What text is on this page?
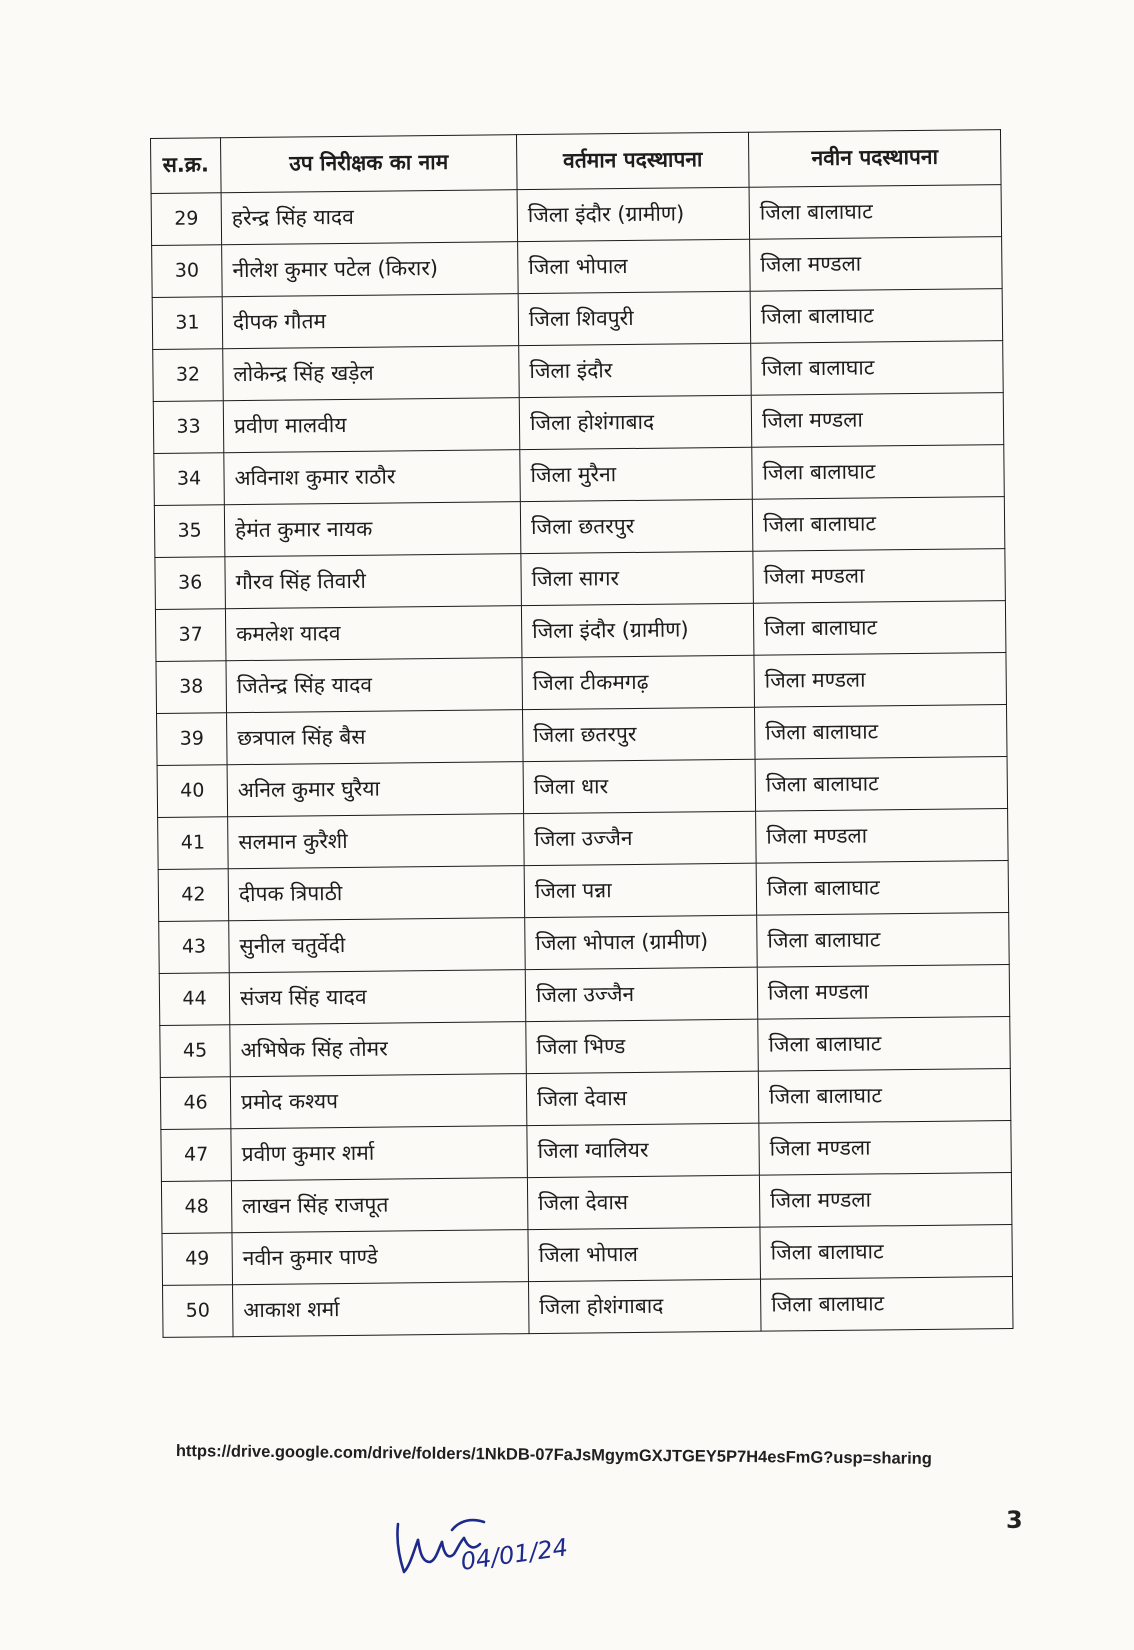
स.क्र.	उप निरीक्षक का नाम	वर्तमान पदस्थापना	नवीन पदस्थापना
29	हरेन्द्र सिंह यादव	जिला इंदौर (ग्रामीण)	जिला बालाघाट
30	नीलेश कुमार पटेल (किरार)	जिला भोपाल	जिला मण्डला
31	दीपक गौतम	जिला शिवपुरी	जिला बालाघाट
32	लोकेन्द्र सिंह खड़ेल	जिला इंदौर	जिला बालाघाट
33	प्रवीण मालवीय	जिला होशंगाबाद	जिला मण्डला
34	अविनाश कुमार राठौर	जिला मुरैना	जिला बालाघाट
35	हेमंत कुमार नायक	जिला छतरपुर	जिला बालाघाट
36	गौरव सिंह तिवारी	जिला सागर	जिला मण्डला
37	कमलेश यादव	जिला इंदौर (ग्रामीण)	जिला बालाघाट
38	जितेन्द्र सिंह यादव	जिला टीकमगढ़	जिला मण्डला
39	छत्रपाल सिंह बैस	जिला छतरपुर	जिला बालाघाट
40	अनिल कुमार घुरैया	जिला धार	जिला बालाघाट
41	सलमान कुरैशी	जिला उज्जैन	जिला मण्डला
42	दीपक त्रिपाठी	जिला पन्ना	जिला बालाघाट
43	सुनील चतुर्वेदी	जिला भोपाल (ग्रामीण)	जिला बालाघाट
44	संजय सिंह यादव	जिला उज्जैन	जिला मण्डला
45	अभिषेक सिंह तोमर	जिला भिण्ड	जिला बालाघाट
46	प्रमोद कश्यप	जिला देवास	जिला बालाघाट
47	प्रवीण कुमार शर्मा	जिला ग्वालियर	जिला मण्डला
48	लाखन सिंह राजपूत	जिला देवास	जिला मण्डला
49	नवीन कुमार पाण्डे	जिला भोपाल	जिला बालाघाट
50	आकाश शर्मा	जिला होशंगाबाद	जिला बालाघाट
https://drive.google.com/drive/folders/1NkDB-07FaJsMgymGXJTGEY5P7H4esFmG?usp=sharing
04/01/24
3
